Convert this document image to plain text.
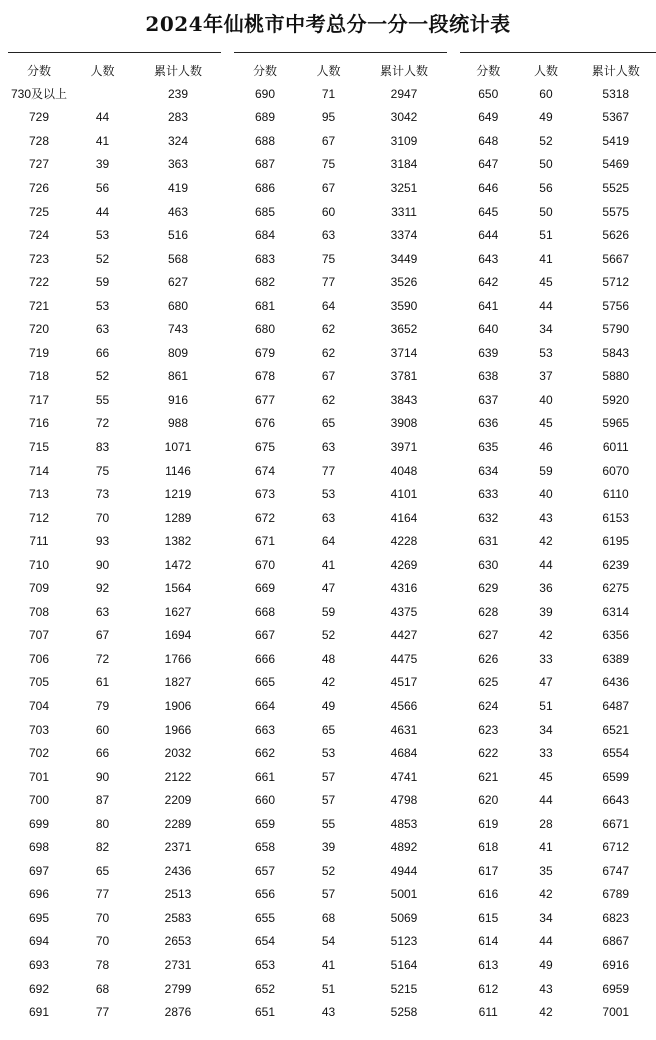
2024年仙桃市中考总分一分一段统计表
分数	人数	累计人数
730及以上		239
729	44	283
728	41	324
727	39	363
726	56	419
725	44	463
724	53	516
723	52	568
722	59	627
721	53	680
720	63	743
719	66	809
718	52	861
717	55	916
716	72	988
715	83	1071
714	75	1146
713	73	1219
712	70	1289
711	93	1382
710	90	1472
709	92	1564
708	63	1627
707	67	1694
706	72	1766
705	61	1827
704	79	1906
703	60	1966
702	66	2032
701	90	2122
700	87	2209
699	80	2289
698	82	2371
697	65	2436
696	77	2513
695	70	2583
694	70	2653
693	78	2731
692	68	2799
691	77	2876
分数	人数	累计人数
690	71	2947
689	95	3042
688	67	3109
687	75	3184
686	67	3251
685	60	3311
684	63	3374
683	75	3449
682	77	3526
681	64	3590
680	62	3652
679	62	3714
678	67	3781
677	62	3843
676	65	3908
675	63	3971
674	77	4048
673	53	4101
672	63	4164
671	64	4228
670	41	4269
669	47	4316
668	59	4375
667	52	4427
666	48	4475
665	42	4517
664	49	4566
663	65	4631
662	53	4684
661	57	4741
660	57	4798
659	55	4853
658	39	4892
657	52	4944
656	57	5001
655	68	5069
654	54	5123
653	41	5164
652	51	5215
651	43	5258
分数	人数	累计人数
650	60	5318
649	49	5367
648	52	5419
647	50	5469
646	56	5525
645	50	5575
644	51	5626
643	41	5667
642	45	5712
641	44	5756
640	34	5790
639	53	5843
638	37	5880
637	40	5920
636	45	5965
635	46	6011
634	59	6070
633	40	6110
632	43	6153
631	42	6195
630	44	6239
629	36	6275
628	39	6314
627	42	6356
626	33	6389
625	47	6436
624	51	6487
623	34	6521
622	33	6554
621	45	6599
620	44	6643
619	28	6671
618	41	6712
617	35	6747
616	42	6789
615	34	6823
614	44	6867
613	49	6916
612	43	6959
611	42	7001
